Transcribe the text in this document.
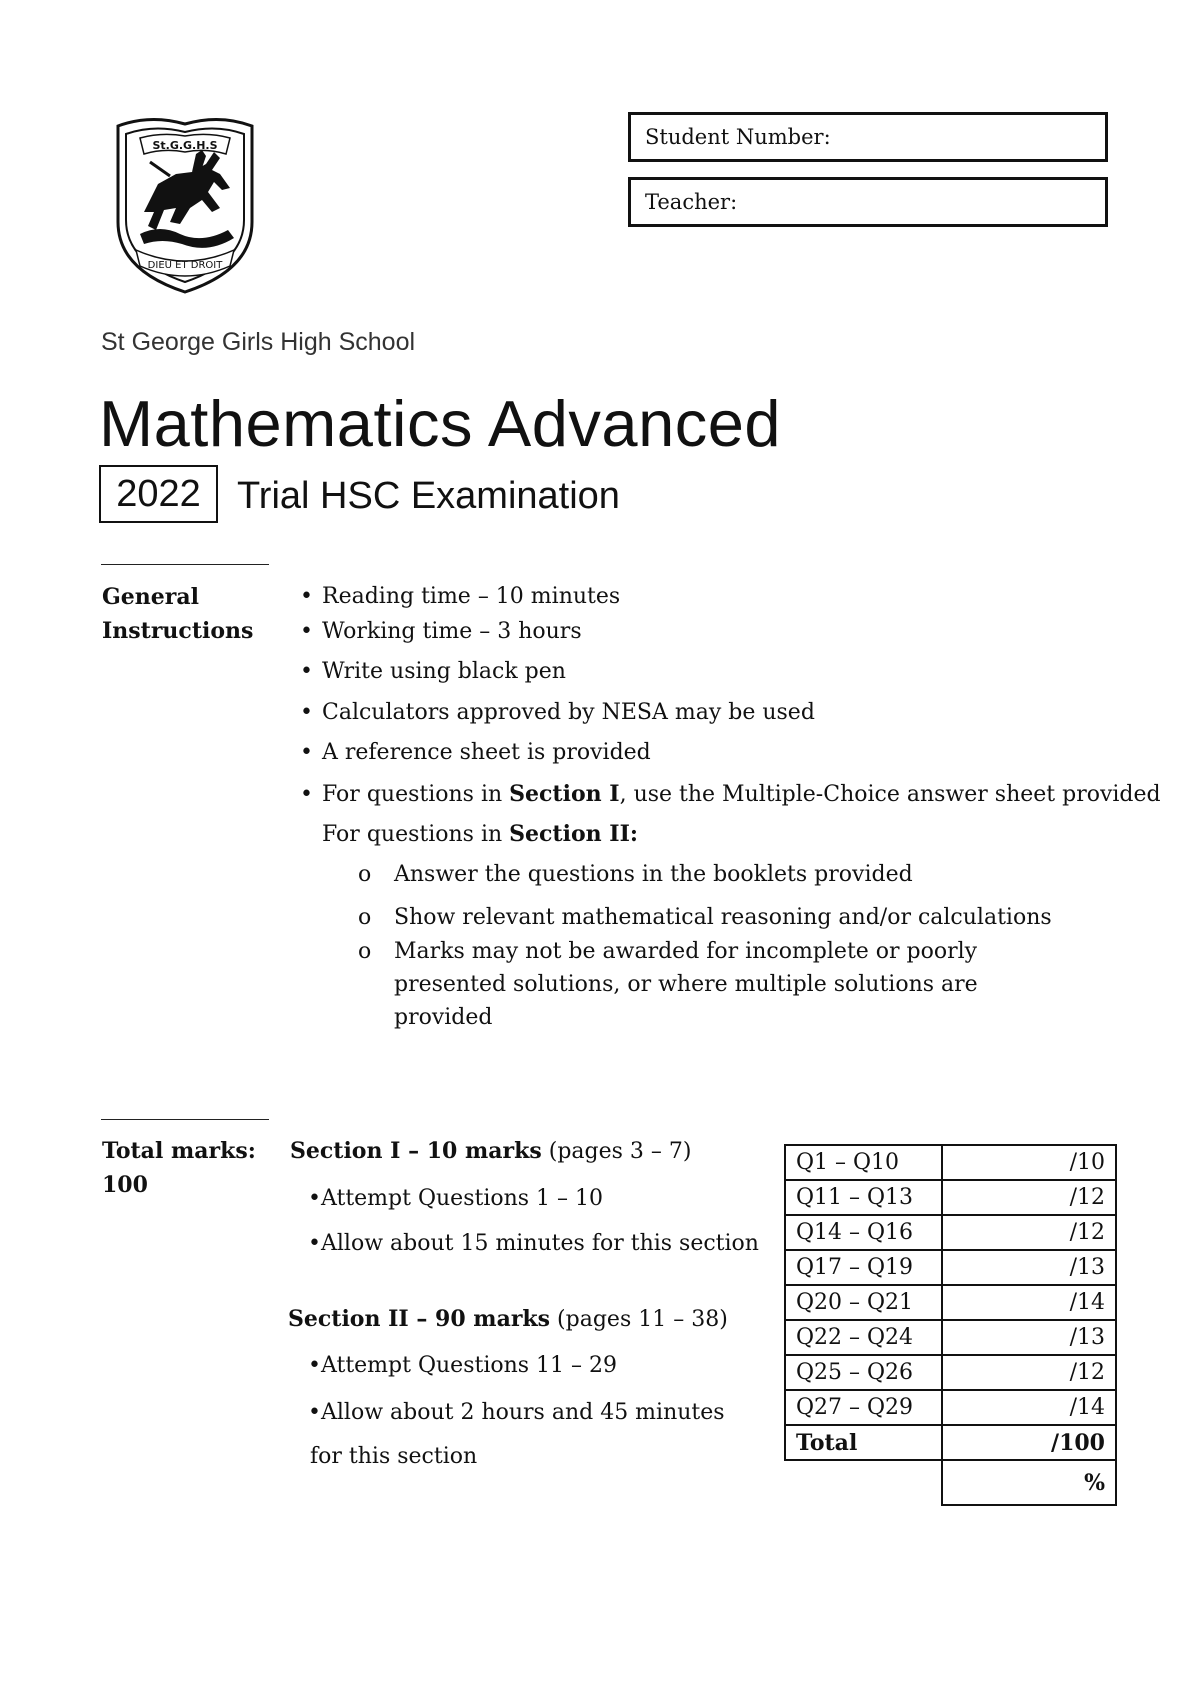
St.G.G.H.S
DIEU ET DROIT
Student Number:
Teacher:
St George Girls High School
Mathematics Advanced
2022 Trial HSC Examination
General
Instructions
• Reading time – 10 minutes
• Working time – 3 hours
• Write using black pen
• Calculators approved by NESA may be used
• A reference sheet is provided
• For questions in Section I, use the Multiple-Choice answer sheet provided
For questions in Section II:
o Answer the questions in the booklets provided
o Show relevant mathematical reasoning and/or calculations
o Marks may not be awarded for incomplete or poorly
presented solutions, or where multiple solutions are
provided
Total marks:
100
Section I – 10 marks (pages 3 – 7)
•Attempt Questions 1 – 10
•Allow about 15 minutes for this section
Section II – 90 marks (pages 11 – 38)
•Attempt Questions 11 – 29
•Allow about 2 hours and 45 minutes
for this section
Q1 – Q10	/10
Q11 – Q13	/12
Q14 – Q16	/12
Q17 – Q19	/13
Q20 – Q21	/14
Q22 – Q24	/13
Q25 – Q26	/12
Q27 – Q29	/14
Total	/100
	%
